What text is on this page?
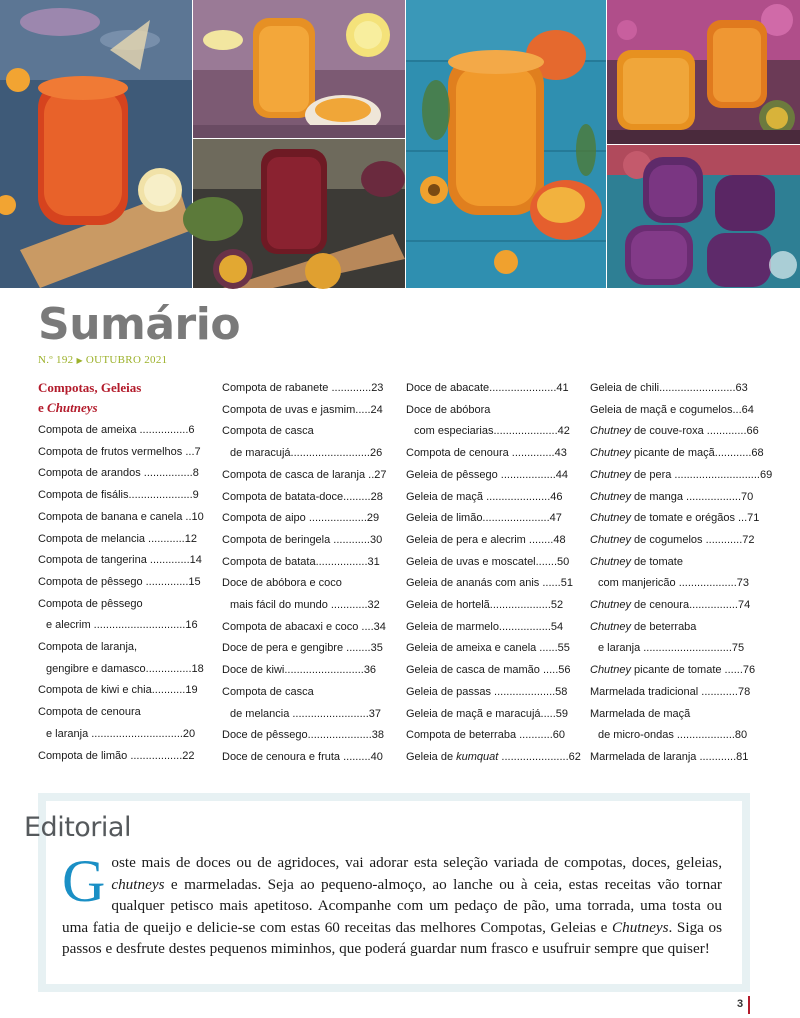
Sumário
N.º 192 ▶ OUTUBRO 2021
Compotas, Geleias
e Chutneys
Compota de ameixa ................6
Compota de frutos vermelhos ...7
Compota de arandos ................8
Compota de fisális.....................9
Compota de banana e canela ..10
Compota de melancia ............12
Compota de tangerina .............14
Compota de pêssego ..............15
Compota de pêssego
e alecrim ..............................16
Compota de laranja,
gengibre e damasco...............18
Compota de kiwi e chia...........19
Compota de cenoura
e laranja ..............................20
Compota de limão .................22
Compota de rabanete .............23
Compota de uvas e jasmim.....24
Compota de casca
de maracujá..........................26
Compota de casca de laranja ..27
Compota de batata-doce.........28
Compota de aipo ...................29
Compota de beringela ............30
Compota de batata.................31
Doce de abóbora e coco
mais fácil do mundo ............32
Compota de abacaxi e coco ....34
Doce de pera e gengibre ........35
Doce de kiwi..........................36
Compota de casca
de melancia .........................37
Doce de pêssego.....................38
Doce de cenoura e fruta .........40
Doce de abacate......................41
Doce de abóbora
com especiarias.....................42
Compota de cenoura ..............43
Geleia de pêssego ..................44
Geleia de maçã .....................46
Geleia de limão......................47
Geleia de pera e alecrim ........48
Geleia de uvas e moscatel.......50
Geleia de ananás com anis ......51
Geleia de hortelã....................52
Geleia de marmelo.................54
Geleia de ameixa e canela ......55
Geleia de casca de mamão .....56
Geleia de passas ....................58
Geleia de maçã e maracujá.....59
Compota de beterraba ...........60
Geleia de kumquat ......................62
Geleia de chili.........................63
Geleia de maçã e cogumelos...64
Chutney de couve-roxa .............66
Chutney picante de maçã............68
Chutney de pera ............................69
Chutney de manga ..................70
Chutney de tomate e orégãos ...71
Chutney de cogumelos ............72
Chutney de tomate
com manjericão ...................73
Chutney de cenoura................74
Chutney de beterraba
e laranja .............................75
Chutney picante de tomate ......76
Marmelada tradicional ............78
Marmelada de maçã
de micro-ondas ...................80
Marmelada de laranja ............81
Editorial
Goste mais de doces ou de agridoces, vai adorar esta seleção variada de compotas, doces, geleias, chutneys e marmeladas. Seja ao pequeno-almoço, ao lanche ou à ceia, estas receitas vão tornar qualquer petisco mais apetitoso. Acompanhe com um pedaço de pão, uma torrada, uma tosta ou uma fatia de queijo e delicie-se com estas 60 receitas das melhores Compotas, Geleias e Chutneys. Siga os passos e desfrute destes pequenos miminhos, que poderá guardar num frasco e usufruir sempre que quiser!
3
